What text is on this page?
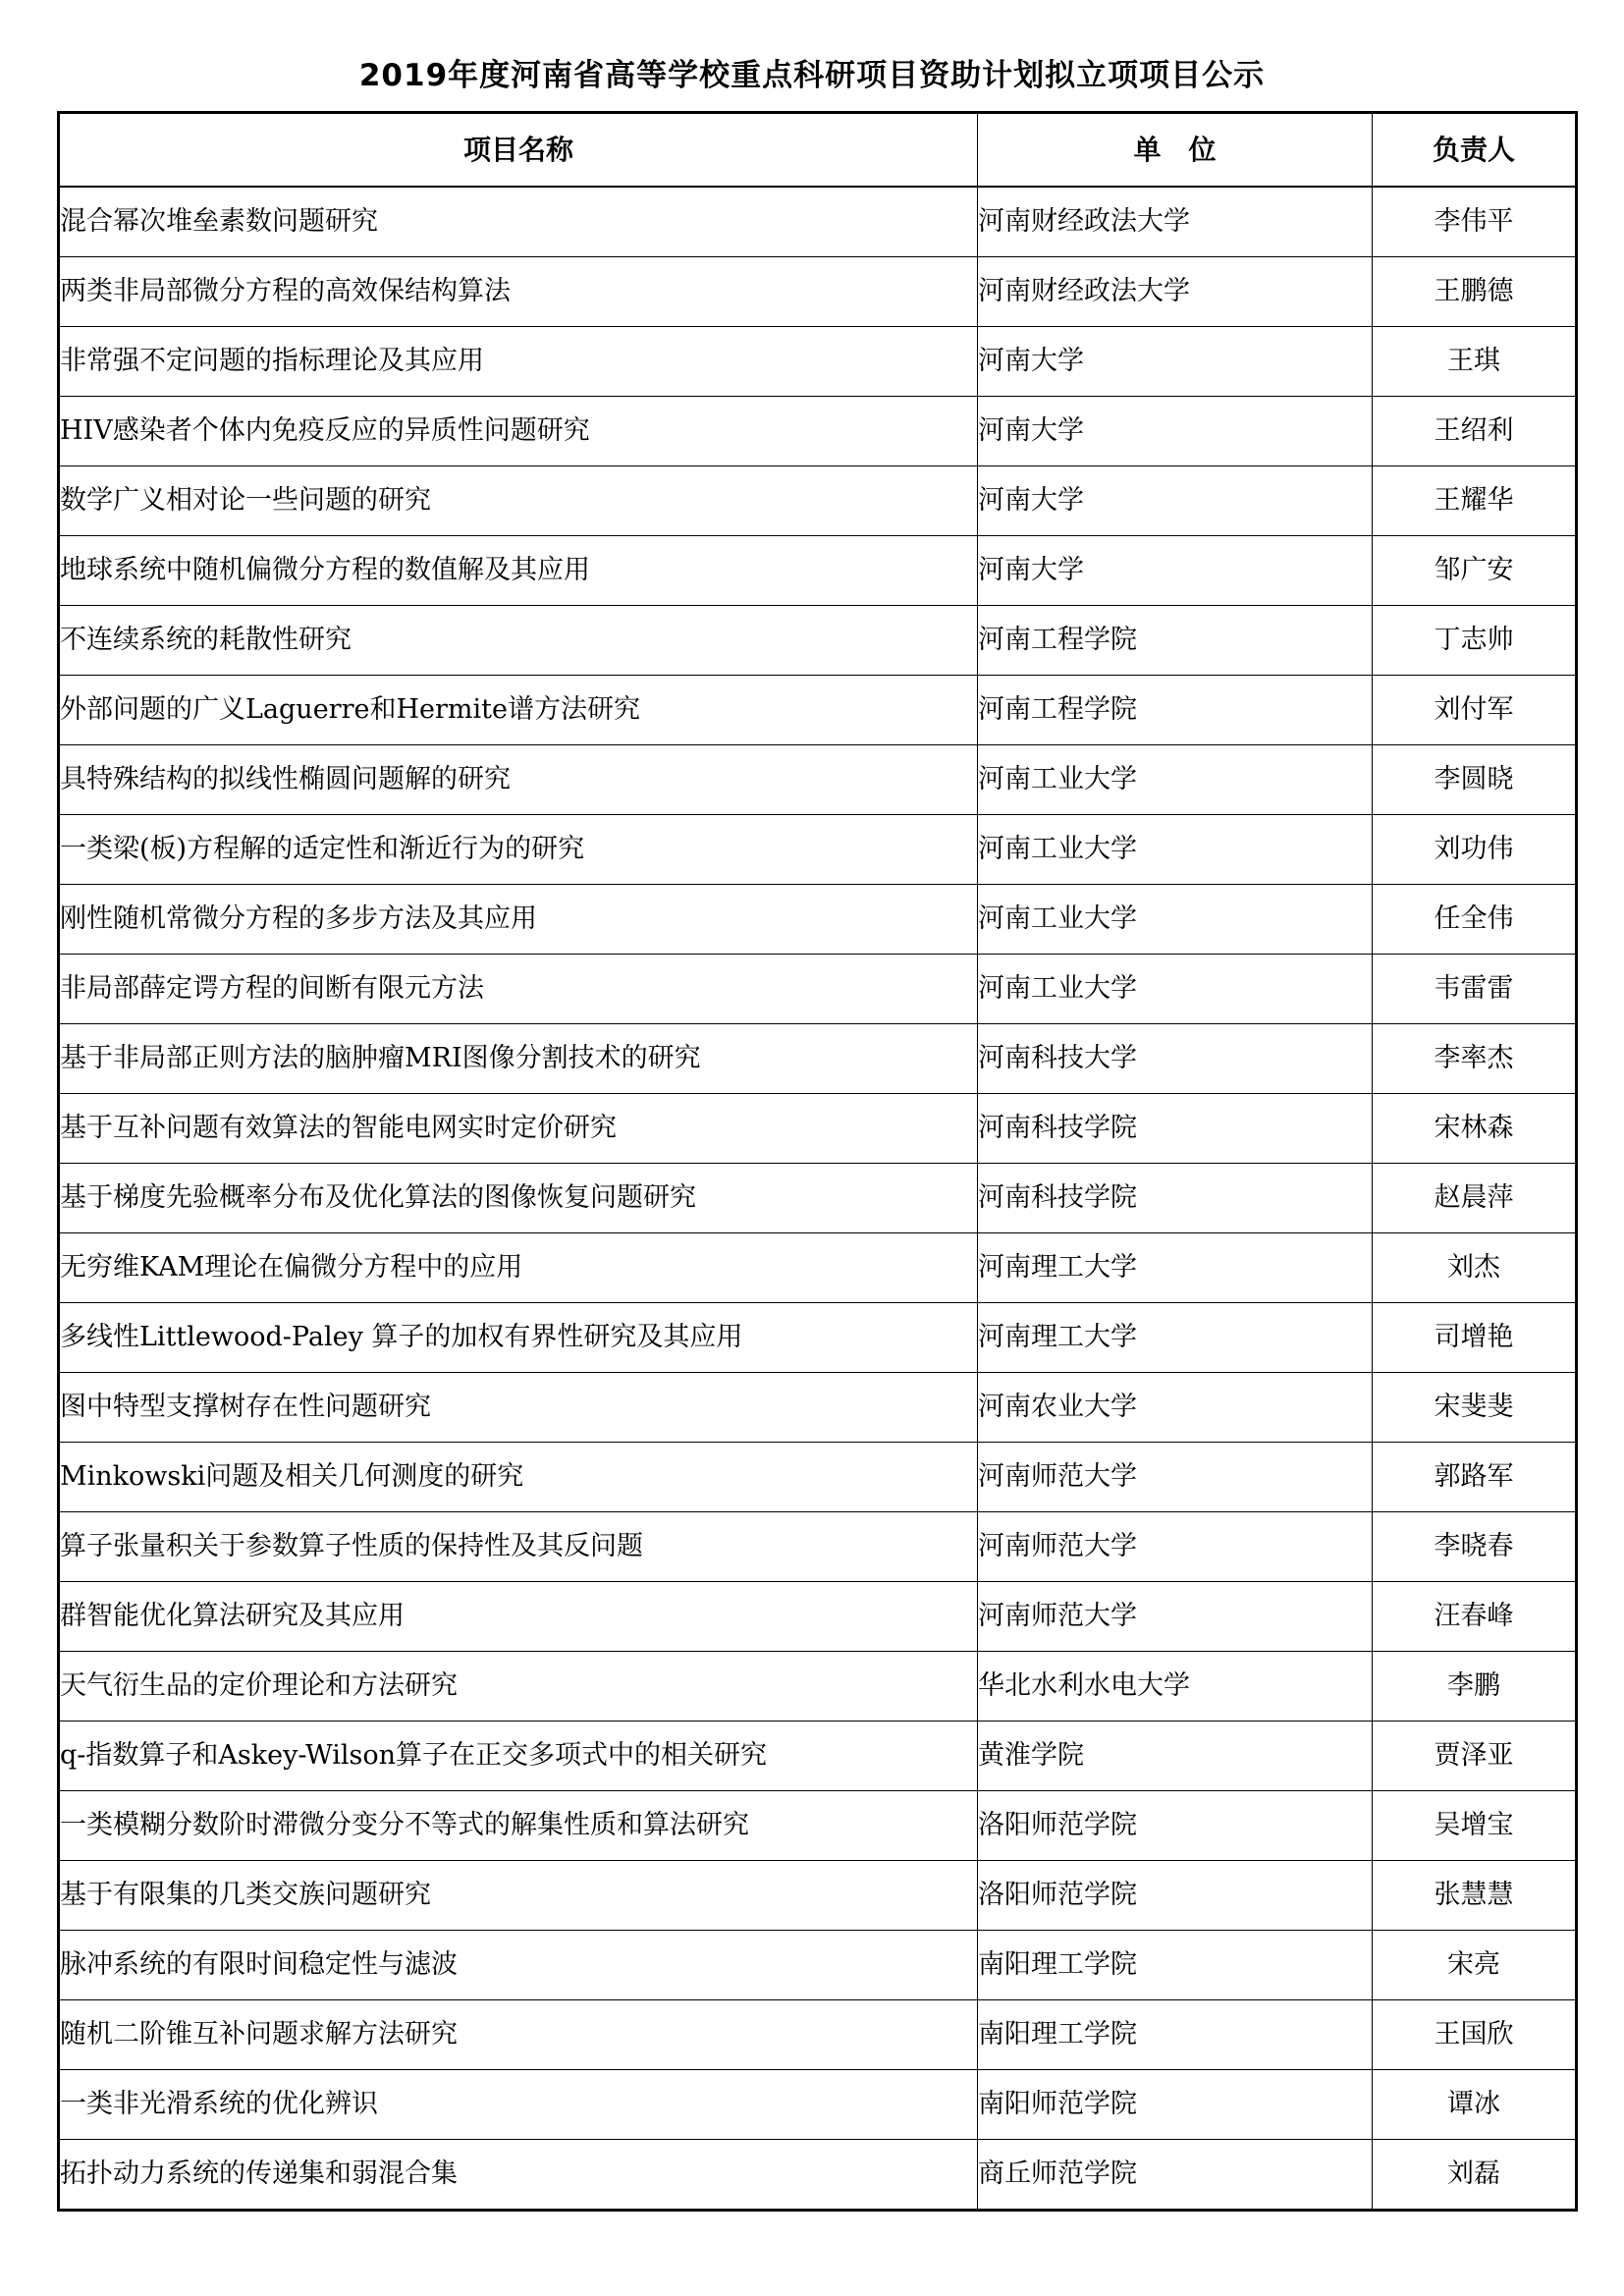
2019年度河南省高等学校重点科研项目资助计划拟立项项目公示
项目名称	单　位	负责人
混合幂次堆垒素数问题研究	河南财经政法大学	李伟平
两类非局部微分方程的高效保结构算法	河南财经政法大学	王鹏德
非常强不定问题的指标理论及其应用	河南大学	王琪
HIV感染者个体内免疫反应的异质性问题研究	河南大学	王绍利
数学广义相对论一些问题的研究	河南大学	王耀华
地球系统中随机偏微分方程的数值解及其应用	河南大学	邹广安
不连续系统的耗散性研究	河南工程学院	丁志帅
外部问题的广义Laguerre和Hermite谱方法研究	河南工程学院	刘付军
具特殊结构的拟线性椭圆问题解的研究	河南工业大学	李圆晓
一类梁(板)方程解的适定性和渐近行为的研究	河南工业大学	刘功伟
刚性随机常微分方程的多步方法及其应用	河南工业大学	任全伟
非局部薛定谔方程的间断有限元方法	河南工业大学	韦雷雷
基于非局部正则方法的脑肿瘤MRI图像分割技术的研究	河南科技大学	李率杰
基于互补问题有效算法的智能电网实时定价研究	河南科技学院	宋林森
基于梯度先验概率分布及优化算法的图像恢复问题研究	河南科技学院	赵晨萍
无穷维KAM理论在偏微分方程中的应用	河南理工大学	刘杰
多线性Littlewood-Paley 算子的加权有界性研究及其应用	河南理工大学	司增艳
图中特型支撑树存在性问题研究	河南农业大学	宋斐斐
Minkowski问题及相关几何测度的研究	河南师范大学	郭路军
算子张量积关于参数算子性质的保持性及其反问题	河南师范大学	李晓春
群智能优化算法研究及其应用	河南师范大学	汪春峰
天气衍生品的定价理论和方法研究	华北水利水电大学	李鹏
q-指数算子和Askey-Wilson算子在正交多项式中的相关研究	黄淮学院	贾泽亚
一类模糊分数阶时滞微分变分不等式的解集性质和算法研究	洛阳师范学院	吴增宝
基于有限集的几类交族问题研究	洛阳师范学院	张慧慧
脉冲系统的有限时间稳定性与滤波	南阳理工学院	宋亮
随机二阶锥互补问题求解方法研究	南阳理工学院	王国欣
一类非光滑系统的优化辨识	南阳师范学院	谭冰
拓扑动力系统的传递集和弱混合集	商丘师范学院	刘磊
